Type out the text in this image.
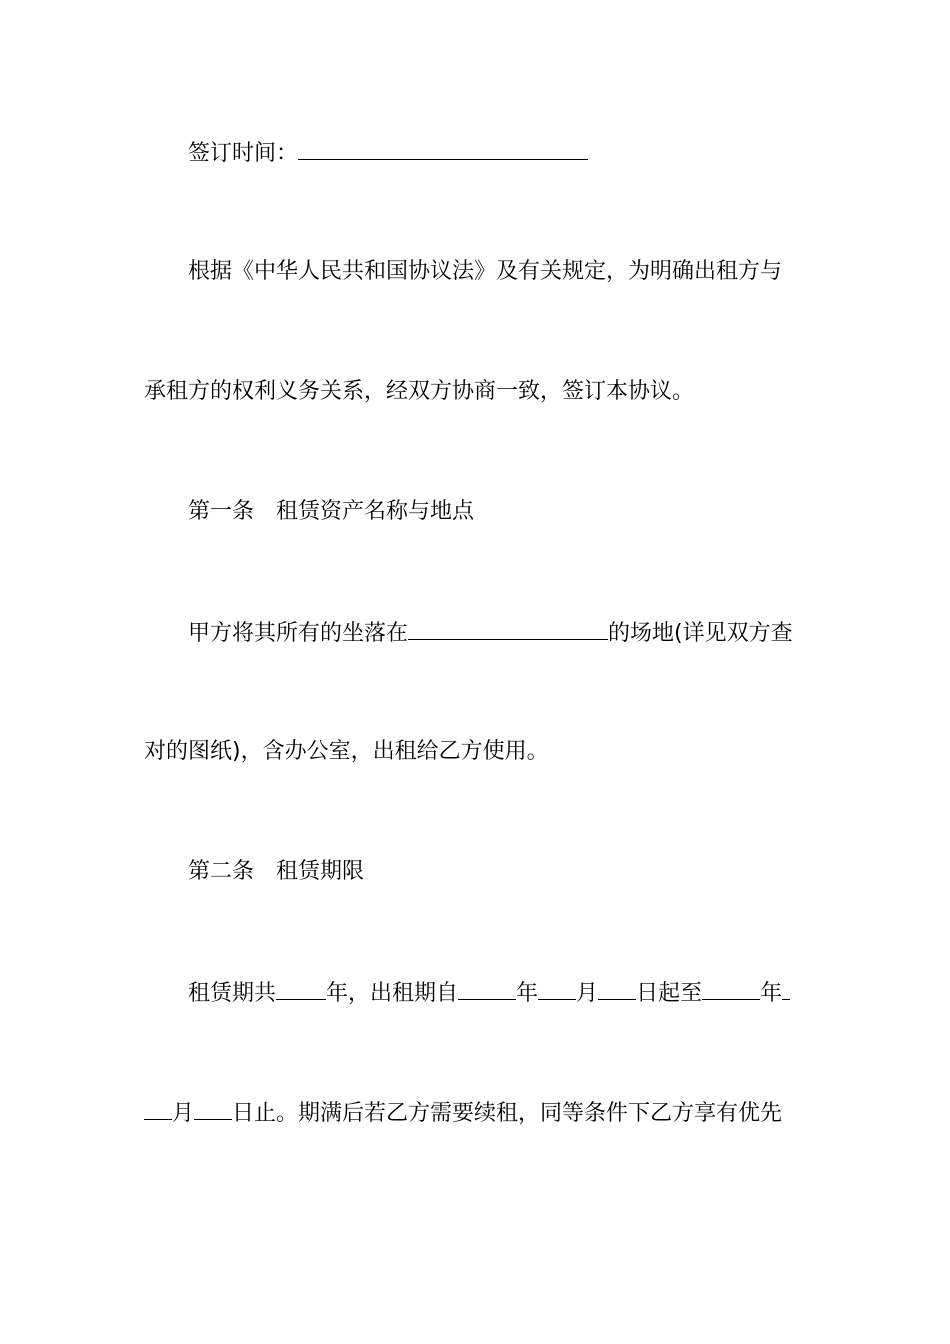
签订时间：
根据《中华人民共和国协议法》及有关规定，为明确出租方与
承租方的权利义务关系，经双方协商一致，签订本协议。
第一条　租赁资产名称与地点
甲方将其所有的坐落在	的场地(详见双方查
对的图纸)，含办公室，出租给乙方使用。
第二条　租赁期限
租赁期共 年，出租期自	年 月 日起至	年
月 日止。期满后若乙方需要续租，同等条件下乙方享有优先
